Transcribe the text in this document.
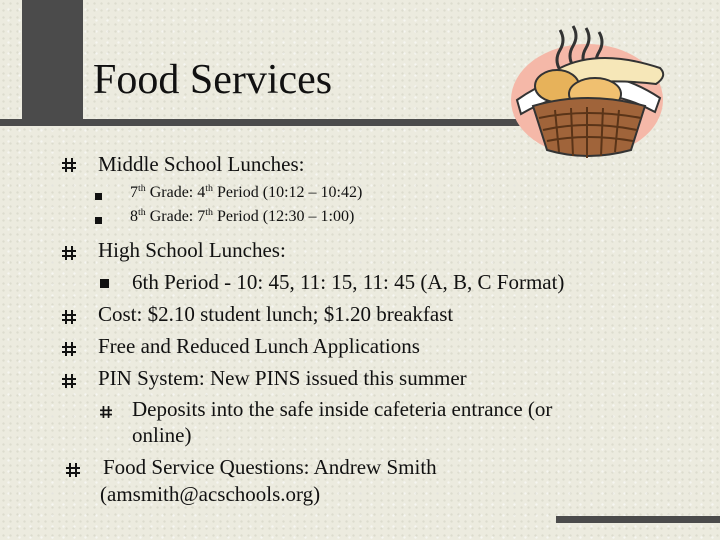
Food Services
Middle School Lunches:
7th Grade: 4th Period (10:12 – 10:42)
8th Grade: 7th Period (12:30 – 1:00)
High School Lunches:
6th Period - 10: 45, 11: 15, 11: 45 (A, B, C Format)
Cost: $2.10 student lunch; $1.20 breakfast
Free and Reduced Lunch Applications
PIN System: New PINS issued this summer
Deposits into the safe inside cafeteria entrance (or
online)
Food Service Questions: Andrew Smith
(amsmith@acschools.org)
